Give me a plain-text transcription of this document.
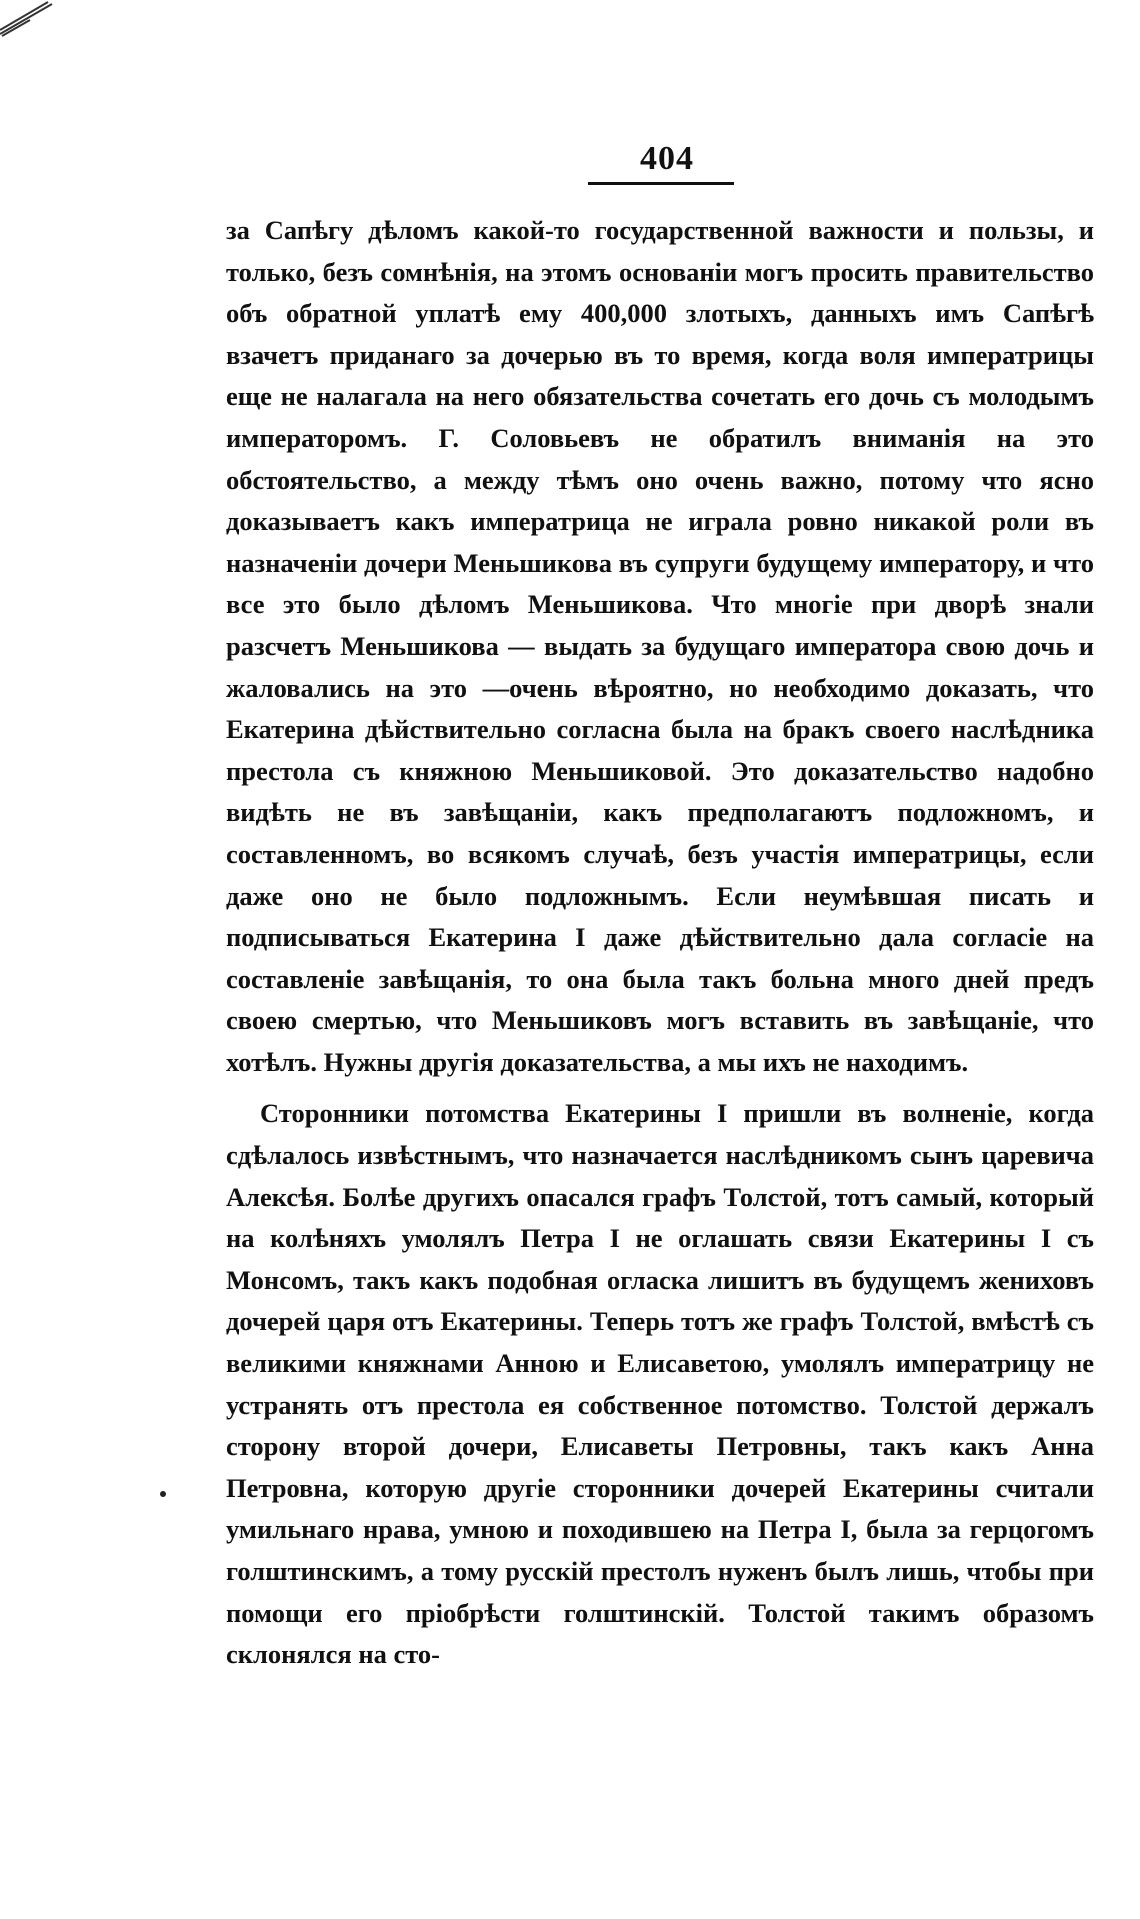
404

за Сапѣгу дѣломъ какой-то государственной важности и пользы, и только, безъ сомнѣнія, на этомъ основаніи могъ просить правительство объ обратной уплатѣ ему 400,000 злотыхъ, данныхъ имъ Сапѣгѣ взачетъ приданаго за дочерью въ то время, когда воля императрицы еще не налагала на него обязательства сочетать его дочь съ молодымъ императоромъ. Г. Соловьевъ не обратилъ вниманія на это обстоятельство, а между тѣмъ оно очень важно, потому что ясно доказываетъ какъ императрица не играла ровно никакой роли въ назначеніи дочери Меньшикова въ супруги будущему императору, и что все это было дѣломъ Меньшикова. Что многіе при дворѣ знали разсчетъ Меньшикова — выдать за будущаго императора свою дочь и жаловались на это —очень вѣроятно, но необходимо доказать, что Екатерина дѣйствительно согласна была на бракъ своего наслѣдника престола съ княжною Меньшиковой. Это доказательство надобно видѣть не въ завѣщаніи, какъ предполагаютъ подложномъ, и составленномъ, во всякомъ случаѣ, безъ участія императрицы, если даже оно не было подложнымъ. Если неумѣвшая писать и подписываться Екатерина I даже дѣйствительно дала согласіе на составленіе завѣщанія, то она была такъ больна много дней предъ своею смертью, что Меньшиковъ могъ вставить въ завѣщаніе, что хотѣлъ. Нужны другія доказательства, а мы ихъ не находимъ.

Сторонники потомства Екатерины I пришли въ волненіе, когда сдѣлалось извѣстнымъ, что назначается наслѣдникомъ сынъ царевича Алексѣя. Болѣе другихъ опасался графъ Толстой, тотъ самый, который на колѣняхъ умолялъ Петра I не оглашать связи Екатерины I съ Монсомъ, такъ какъ подобная огласка лишитъ въ будущемъ жениховъ дочерей царя отъ Екатерины. Теперь тотъ же графъ Толстой, вмѣстѣ съ великими княжнами Анною и Елисаветою, умолялъ императрицу не устранять отъ престола ея собственное потомство. Толстой держалъ сторону второй дочери, Елисаветы Петровны, такъ какъ Анна Петровна, которую другіе сторонники дочерей Екатерины считали умильнаго нрава, умною и походившею на Петра I, была за герцогомъ голштинскимъ, а тому русскій престолъ нуженъ былъ лишь, чтобы при помощи его пріобрѣсти голштинскій. Толстой такимъ образомъ склонялся на сто-
